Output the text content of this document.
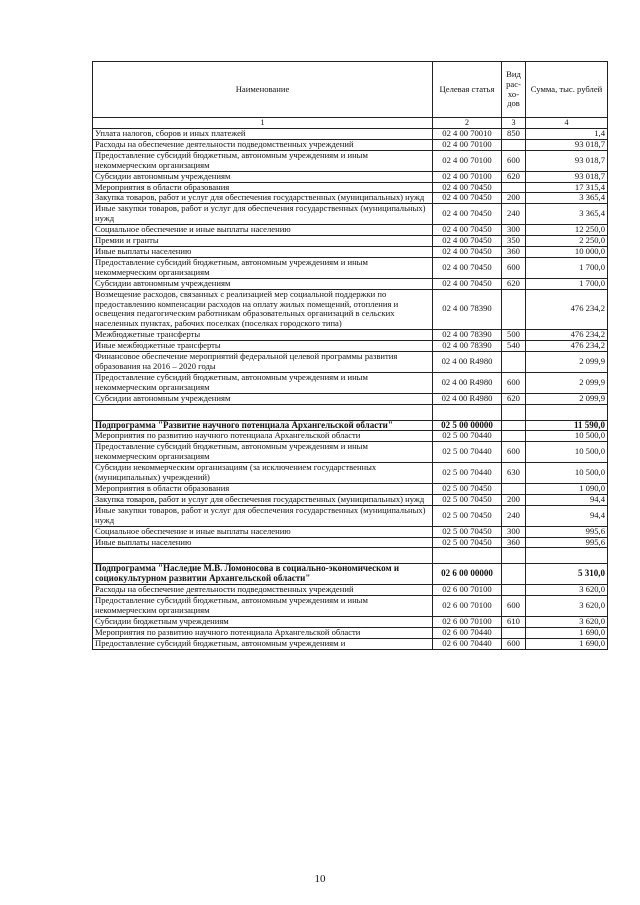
Наименование	Целевая статья	Вид рас-хо-дов	Сумма, тыс. рублей
1	2	3	4
Уплата налогов, сборов и иных платежей	02 4 00 70010	850	1,4
Расходы на обеспечение деятельности подведомственных учреждений	02 4 00 70100		93 018,7
Предоставление субсидий бюджетным, автономным учреждениям и иным некоммерческим организациям	02 4 00 70100	600	93 018,7
Субсидии автономным учреждениям	02 4 00 70100	620	93 018,7
Мероприятия в области образования	02 4 00 70450		17 315,4
Закупка товаров, работ и услуг для обеспечения государственных (муниципальных) нужд	02 4 00 70450	200	3 365,4
Иные закупки товаров, работ и услуг для обеспечения государственных (муниципальных) нужд	02 4 00 70450	240	3 365,4
Социальное обеспечение и иные выплаты населению	02 4 00 70450	300	12 250,0
Премии и гранты	02 4 00 70450	350	2 250,0
Иные выплаты населению	02 4 00 70450	360	10 000,0
Предоставление субсидий бюджетным, автономным учреждениям и иным некоммерческим организациям	02 4 00 70450	600	1 700,0
Субсидии автономным учреждениям	02 4 00 70450	620	1 700,0
Возмещение расходов, связанных с реализацией мер социальной поддержки по предоставлению компенсации расходов на оплату жилых помещений, отопления и освещения педагогическим работникам образовательных организаций в сельских населенных пунктах, рабочих поселках (поселках городского типа)	02 4 00 78390		476 234,2
Межбюджетные трансферты	02 4 00 78390	500	476 234,2
Иные межбюджетные трансферты	02 4 00 78390	540	476 234,2
Финансовое обеспечение мероприятий федеральной целевой программы развития образования на 2016 – 2020 годы	02 4 00 R4980		2 099,9
Предоставление субсидий бюджетным, автономным учреждениям и иным некоммерческим организациям	02 4 00 R4980	600	2 099,9
Субсидии автономным учреждениям	02 4 00 R4980	620	2 099,9

Подпрограмма "Развитие научного потенциала Архангельской области"	02 5 00 00000		11 590,0
Мероприятия по развитию научного потенциала Архангельской области	02 5 00 70440		10 500,0
Предоставление субсидий бюджетным, автономным учреждениям и иным некоммерческим организациям	02 5 00 70440	600	10 500,0
Субсидии некоммерческим организациям (за исключением государственных (муниципальных) учреждений)	02 5 00 70440	630	10 500,0
Мероприятия в области образования	02 5 00 70450		1 090,0
Закупка товаров, работ и услуг для обеспечения государственных (муниципальных) нужд	02 5 00 70450	200	94,4
Иные закупки товаров, работ и услуг для обеспечения государственных (муниципальных) нужд	02 5 00 70450	240	94,4
Социальное обеспечение и иные выплаты населению	02 5 00 70450	300	995,6
Иные выплаты населению	02 5 00 70450	360	995,6

Подпрограмма "Наследие М.В. Ломоносова в социально-экономическом и социокультурном развитии Архангельской области"	02 6 00 00000		5 310,0
Расходы на обеспечение деятельности подведомственных учреждений	02 6 00 70100		3 620,0
Предоставление субсидий бюджетным, автономным учреждениям и иным некоммерческим организациям	02 6 00 70100	600	3 620,0
Субсидии бюджетным учреждениям	02 6 00 70100	610	3 620,0
Мероприятия по развитию научного потенциала Архангельской области	02 6 00 70440		1 690,0
Предоставление субсидий бюджетным, автономным учреждениям и	02 6 00 70440	600	1 690,0
10
